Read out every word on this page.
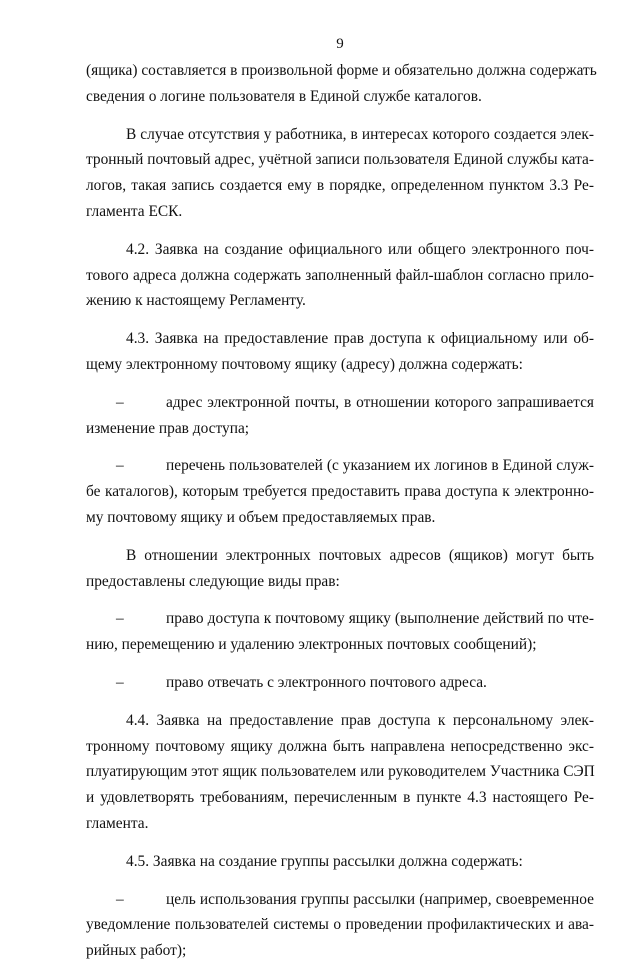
9
(ящика) составляется в произвольной форме и обязательно должна содержать
сведения о логине пользователя в Единой службе каталогов.
В случае отсутствия у работника, в интересах которого создается элек-
тронный почтовый адрес, учётной записи пользователя Единой службы ката-
логов, такая запись создается ему в порядке, определенном пунктом 3.3 Ре-
гламента ЕСК.
4.2. Заявка на создание официального или общего электронного поч-
тового адреса должна содержать заполненный файл-шаблон согласно прило-
жению к настоящему Регламенту.
4.3. Заявка на предоставление прав доступа к официальному или об-
щему электронному почтовому ящику (адресу) должна содержать:
–	адрес электронной почты, в отношении которого запрашивается
изменение прав доступа;
–	перечень пользователей (с указанием их логинов в Единой служ-
бе каталогов), которым требуется предоставить права доступа к электронно-
му почтовому ящику и объем предоставляемых прав.
В отношении электронных почтовых адресов (ящиков) могут быть
предоставлены следующие виды прав:
–	право доступа к почтовому ящику (выполнение действий по чте-
нию, перемещению и удалению электронных почтовых сообщений);
–	право отвечать с электронного почтового адреса.
4.4. Заявка на предоставление прав доступа к персональному элек-
тронному почтовому ящику должна быть направлена непосредственно экс-
плуатирующим этот ящик пользователем или руководителем Участника СЭП
и удовлетворять требованиям, перечисленным в пункте 4.3 настоящего Ре-
гламента.
4.5. Заявка на создание группы рассылки должна содержать:
–	цель использования группы рассылки (например, своевременное
уведомление пользователей системы о проведении профилактических и ава-
рийных работ);
